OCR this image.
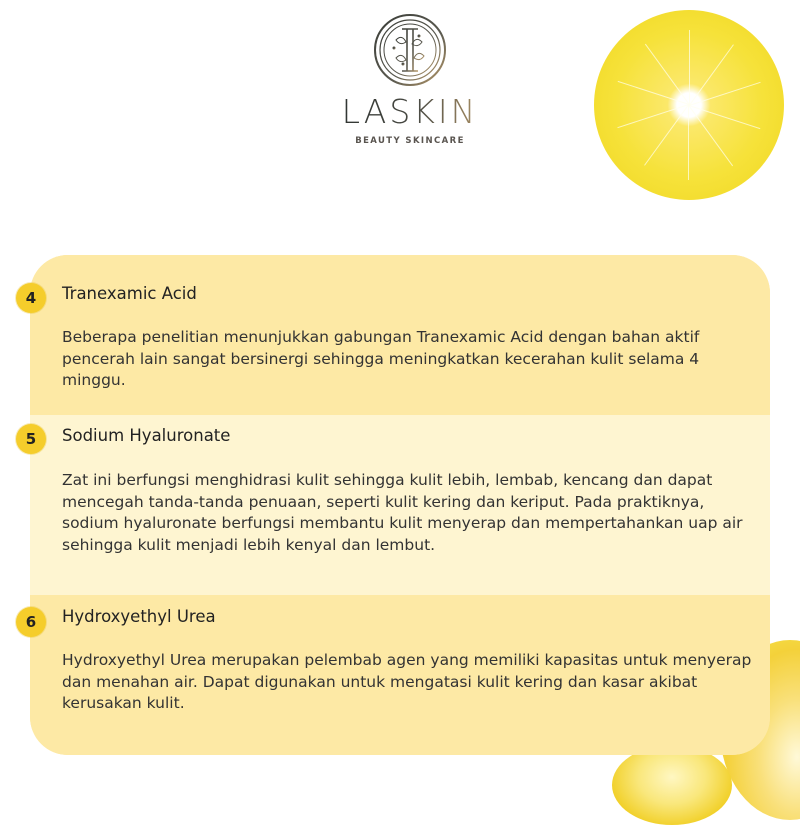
LASKIN
BEAUTY SKINCARE
Tranexamic Acid
Beberapa penelitian menunjukkan gabungan Tranexamic Acid dengan bahan aktif pencerah lain sangat bersinergi sehingga meningkatkan kecerahan kulit selama 4 minggu.
Sodium Hyaluronate
Zat ini berfungsi menghidrasi kulit sehingga kulit lebih, lembab, kencang dan dapat mencegah tanda-tanda penuaan, seperti kulit kering dan keriput. Pada praktiknya, sodium hyaluronate berfungsi membantu kulit menyerap dan mempertahankan uap air sehingga kulit menjadi lebih kenyal dan lembut.
Hydroxyethyl Urea
Hydroxyethyl Urea merupakan pelembab agen yang memiliki kapasitas untuk menyerap dan menahan air. Dapat digunakan untuk mengatasi kulit kering dan kasar akibat kerusakan kulit.
4
5
6
